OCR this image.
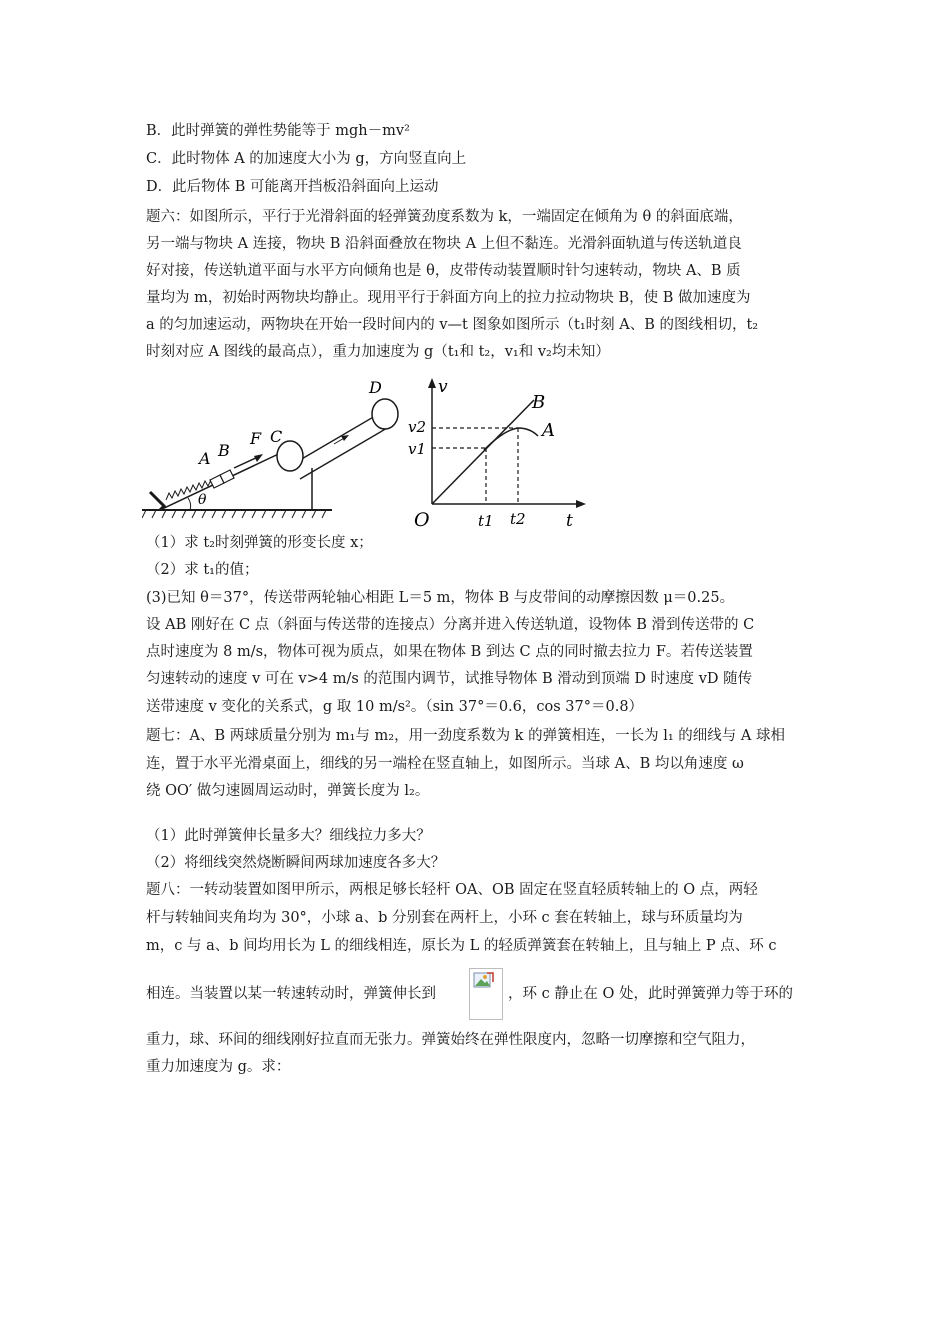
B．此时弹簧的弹性势能等于 mgh－mv²
C．此时物体 A 的加速度大小为 g，方向竖直向上
D．此后物体 B 可能离开挡板沿斜面向上运动
题六：如图所示，平行于光滑斜面的轻弹簧劲度系数为 k，一端固定在倾角为 θ 的斜面底端，
另一端与物块 A 连接，物块 B 沿斜面叠放在物块 A 上但不黏连。光滑斜面轨道与传送轨道良
好对接，传送轨道平面与水平方向倾角也是 θ，皮带传动装置顺时针匀速转动，物块 A、B 质
量均为 m，初始时两物块均静止。现用平行于斜面方向上的拉力拉动物块 B，使 B 做加速度为
a 的匀加速运动，两物块在开始一段时间内的 v—t 图象如图所示（t₁时刻 A、B 的图线相切，t₂
时刻对应 A 图线的最高点），重力加速度为 g（t₁和 t₂，v₁和 v₂均未知）
θ
A B
F C
D	v
v2
v1
O	t1 t2 t
B
A
（1）求 t₂时刻弹簧的形变长度 x；
（2）求 t₁的值；
(3)已知 θ＝37°，传送带两轮轴心相距 L＝5 m，物体 B 与皮带间的动摩擦因数 μ＝0.25。
设 AB 刚好在 C 点（斜面与传送带的连接点）分离并进入传送轨道，设物体 B 滑到传送带的 C
点时速度为 8 m/s，物体可视为质点，如果在物体 B 到达 C 点的同时撤去拉力 F。若传送装置
匀速转动的速度 v 可在 v>4 m/s 的范围内调节，试推导物体 B 滑动到顶端 D 时速度 vD 随传
送带速度 v 变化的关系式，g 取 10 m/s²。（sin 37°＝0.6，cos 37°＝0.8）
题七：A、B 两球质量分别为 m₁与 m₂，用一劲度系数为 k 的弹簧相连，一长为 l₁ 的细线与 A 球相
连，置于水平光滑桌面上，细线的另一端栓在竖直轴上，如图所示。当球 A、B 均以角速度 ω
绕 OO′ 做匀速圆周运动时，弹簧长度为 l₂。
（1）此时弹簧伸长量多大？细线拉力多大？
（2）将细线突然烧断瞬间两球加速度各多大？
题八：一转动装置如图甲所示，两根足够长轻杆 OA、OB 固定在竖直轻质转轴上的 O 点，两轻
杆与转轴间夹角均为 30°，小球 a、b 分别套在两杆上，小环 c 套在转轴上，球与环质量均为
m，c 与 a、b 间均用长为 L 的细线相连，原长为 L 的轻质弹簧套在转轴上，且与轴上 P 点、环 c
相连。当装置以某一转速转动时，弹簧伸长到	，环 c 静止在 O 处，此时弹簧弹力等于环的
重力，球、环间的细线刚好拉直而无张力。弹簧始终在弹性限度内，忽略一切摩擦和空气阻力，
重力加速度为 g。求：
